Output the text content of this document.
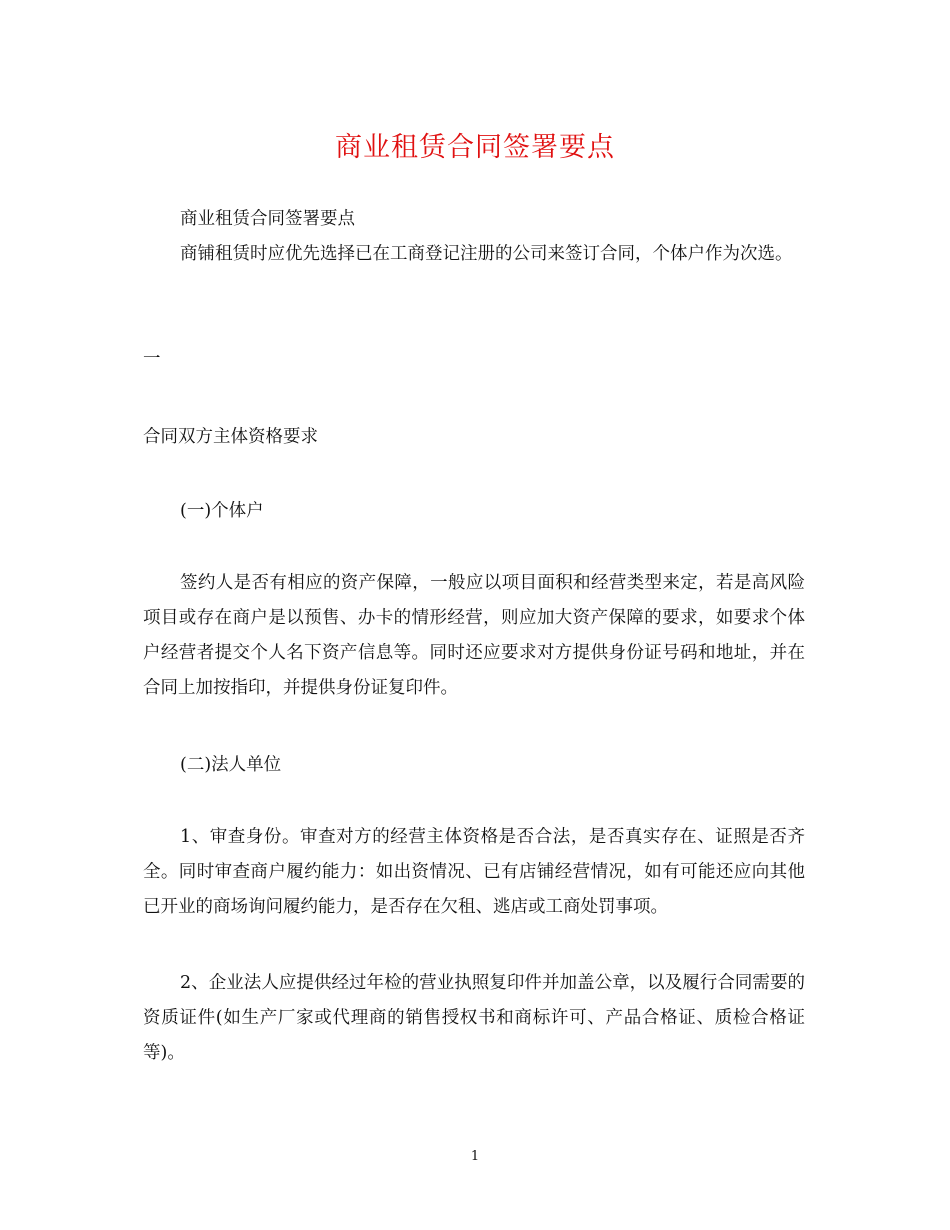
商业租赁合同签署要点
商业租赁合同签署要点
商铺租赁时应优先选择已在工商登记注册的公司来签订合同，个体户作为次选。
一
合同双方主体资格要求
(一)个体户
签约人是否有相应的资产保障，一般应以项目面积和经营类型来定，若是高风险项目或存在商户是以预售、办卡的情形经营，则应加大资产保障的要求，如要求个体户经营者提交个人名下资产信息等。同时还应要求对方提供身份证号码和地址，并在合同上加按指印，并提供身份证复印件。
(二)法人单位
1、审查身份。审查对方的经营主体资格是否合法，是否真实存在、证照是否齐全。同时审查商户履约能力：如出资情况、已有店铺经营情况，如有可能还应向其他已开业的商场询问履约能力，是否存在欠租、逃店或工商处罚事项。
2、企业法人应提供经过年检的营业执照复印件并加盖公章，以及履行合同需要的资质证件(如生产厂家或代理商的销售授权书和商标许可、产品合格证、质检合格证等)。
1
